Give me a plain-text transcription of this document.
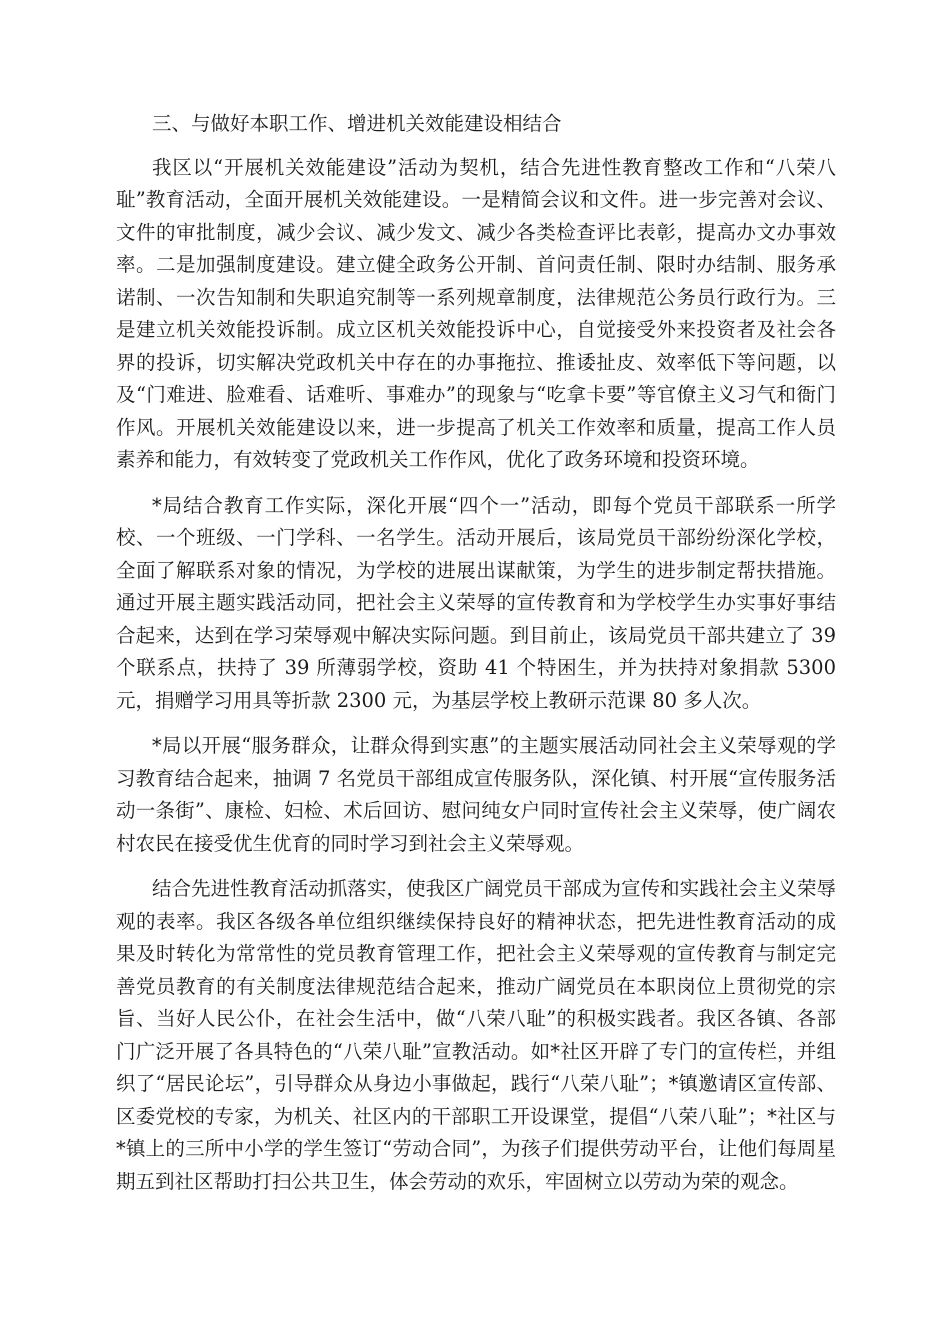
三、与做好本职工作、增进机关效能建设相结合

我区以“开展机关效能建设”活动为契机，结合先进性教育整改工作和“八荣八耻”教育活动，全面开展机关效能建设。一是精简会议和文件。进一步完善对会议、文件的审批制度，减少会议、减少发文、减少各类检查评比表彰，提高办文办事效率。二是加强制度建设。建立健全政务公开制、首问责任制、限时办结制、服务承诺制、一次告知制和失职追究制等一系列规章制度，法律规范公务员行政行为。三是建立机关效能投诉制。成立区机关效能投诉中心，自觉接受外来投资者及社会各界的投诉，切实解决党政机关中存在的办事拖拉、推诿扯皮、效率低下等问题，以及“门难进、脸难看、话难听、事难办”的现象与“吃拿卡要”等官僚主义习气和衙门作风。开展机关效能建设以来，进一步提高了机关工作效率和质量，提高工作人员素养和能力，有效转变了党政机关工作作风，优化了政务环境和投资环境。

*局结合教育工作实际，深化开展“四个一”活动，即每个党员干部联系一所学校、一个班级、一门学科、一名学生。活动开展后，该局党员干部纷纷深化学校，全面了解联系对象的情况，为学校的进展出谋献策，为学生的进步制定帮扶措施。通过开展主题实践活动同，把社会主义荣辱的宣传教育和为学校学生办实事好事结合起来，达到在学习荣辱观中解决实际问题。到目前止，该局党员干部共建立了 39 个联系点，扶持了 39 所薄弱学校，资助 41 个特困生，并为扶持对象捐款 5300 元，捐赠学习用具等折款 2300 元，为基层学校上教研示范课 80 多人次。

*局以开展“服务群众，让群众得到实惠”的主题实展活动同社会主义荣辱观的学习教育结合起来，抽调 7 名党员干部组成宣传服务队，深化镇、村开展“宣传服务活动一条街”、康检、妇检、术后回访、慰问纯女户同时宣传社会主义荣辱，使广阔农村农民在接受优生优育的同时学习到社会主义荣辱观。

结合先进性教育活动抓落实，使我区广阔党员干部成为宣传和实践社会主义荣辱观的表率。我区各级各单位组织继续保持良好的精神状态，把先进性教育活动的成果及时转化为常常性的党员教育管理工作，把社会主义荣辱观的宣传教育与制定完善党员教育的有关制度法律规范结合起来，推动广阔党员在本职岗位上贯彻党的宗旨、当好人民公仆，在社会生活中，做“八荣八耻”的积极实践者。我区各镇、各部门广泛开展了各具特色的“八荣八耻”宣教活动。如*社区开辟了专门的宣传栏，并组织了“居民论坛”，引导群众从身边小事做起，践行“八荣八耻”；*镇邀请区宣传部、区委党校的专家，为机关、社区内的干部职工开设课堂，提倡“八荣八耻”；*社区与*镇上的三所中小学的学生签订“劳动合同”，为孩子们提供劳动平台，让他们每周星期五到社区帮助打扫公共卫生，体会劳动的欢乐，牢固树立以劳动为荣的观念。
